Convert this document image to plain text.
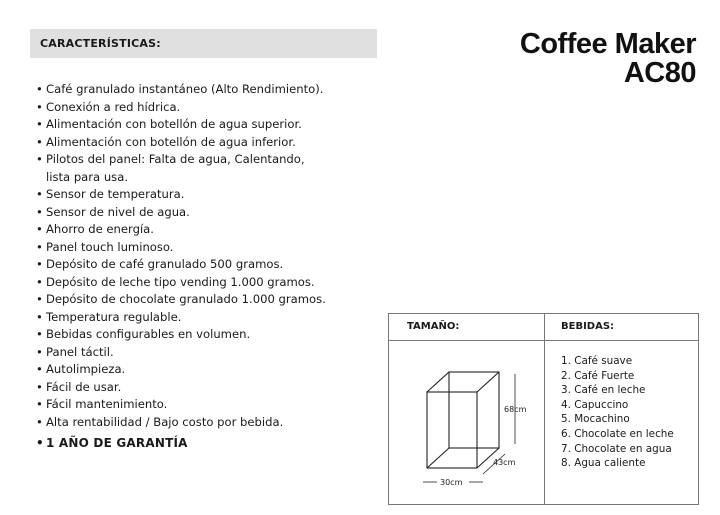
CARACTERÍSTICAS:	Coffee Maker
AC80
• Café granulado instantáneo (Alto Rendimiento).
• Conexión a red hídrica.
• Alimentación con botellón de agua superior.
• Alimentación con botellón de agua inferior.
• Pilotos del panel: Falta de agua, Calentando,
lista para usa.
• Sensor de temperatura.
• Sensor de nivel de agua.
• Ahorro de energía.
• Panel touch luminoso.
• Depósito de café granulado 500 gramos.
• Depósito de leche tipo vending 1.000 gramos.
• Depósito de chocolate granulado 1.000 gramos.
• Temperatura regulable.
• Bebidas configurables en volumen.
• Panel táctil.
• Autolimpieza.
• Fácil de usar.
• Fácil mantenimiento.
• Alta rentabilidad / Bajo costo por bebida.
• 1 AÑO DE GARANTÍA
TAMAÑO:	BEBIDAS:
68cm
43cm
30cm
1. Café suave
2. Café Fuerte
3. Café en leche
4. Capuccino
5. Mocachino
6. Chocolate en leche
7. Chocolate en agua
8. Agua caliente
